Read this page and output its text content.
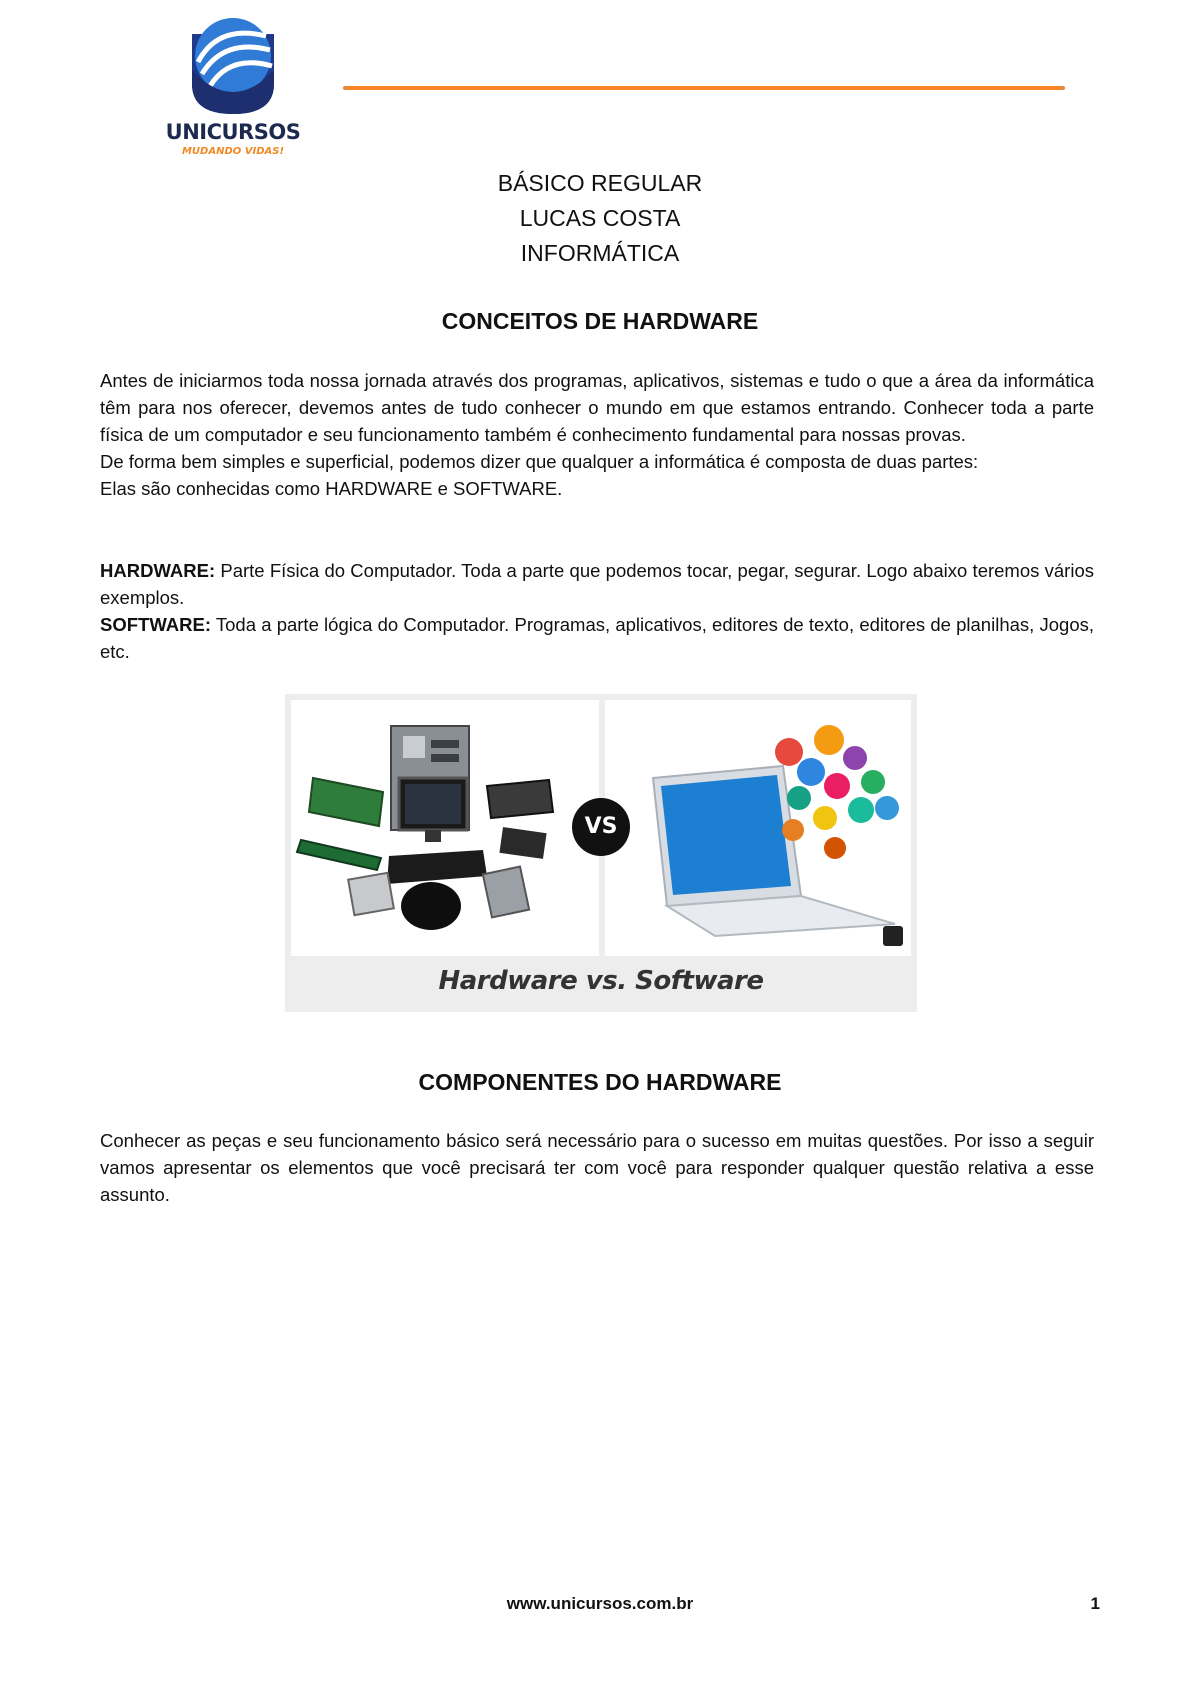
UNICURSOS
MUDANDO VIDAS!
BÁSICO REGULAR
LUCAS COSTA
INFORMÁTICA
CONCEITOS DE HARDWARE

Antes de iniciarmos toda nossa jornada através dos programas, aplicativos, sistemas e tudo o que a área da informática têm para nos oferecer, devemos antes de tudo conhecer o mundo em que estamos entrando. Conhecer toda a parte física de um computador e seu funcionamento também é conhecimento fundamental para nossas provas.

De forma bem simples e superficial, podemos dizer que qualquer a informática é composta de duas partes:

Elas são conhecidas como HARDWARE e SOFTWARE.

HARDWARE: Parte Física do Computador. Toda a parte que podemos tocar, pegar, segurar. Logo abaixo teremos vários exemplos.

SOFTWARE: Toda a parte lógica do Computador. Programas, aplicativos, editores de texto, editores de planilhas, Jogos, etc.

VS
Hardware vs. Software
COMPONENTES DO HARDWARE

Conhecer as peças e seu funcionamento básico será necessário para o sucesso em muitas questões. Por isso a seguir vamos apresentar os elementos que você precisará ter com você para responder qualquer questão relativa a esse assunto.

www.unicursos.com.br	1
